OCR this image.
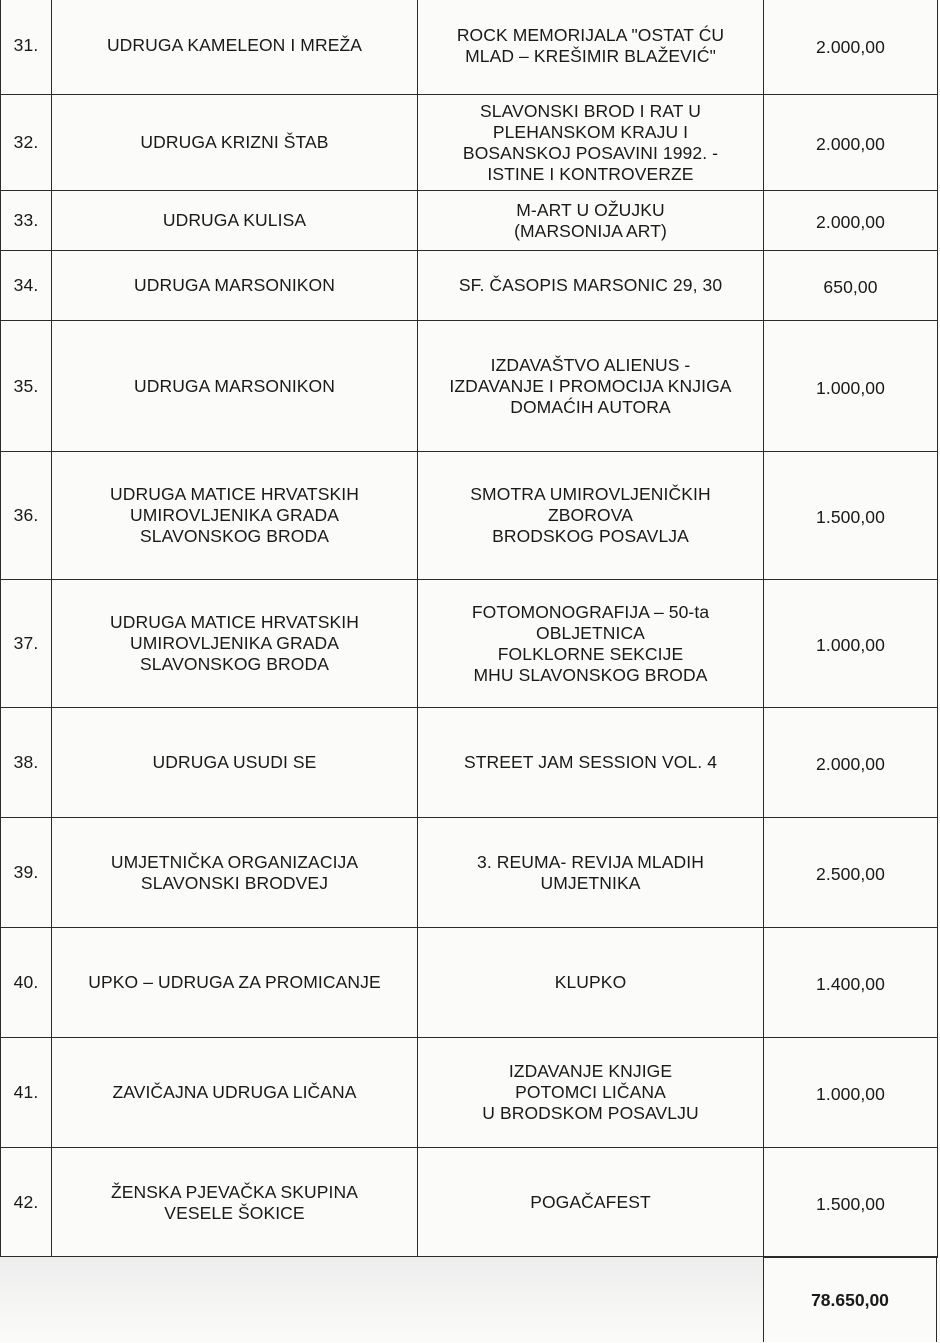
31.	UDRUGA KAMELEON I MREŽA	ROCK MEMORIJALA "OSTAT ĆU
MLAD – KREŠIMIR BLAŽEVIĆ"	2.000,00
32.	UDRUGA KRIZNI ŠTAB	SLAVONSKI BROD I RAT U
PLEHANSKOM KRAJU I
BOSANSKOJ POSAVINI 1992. -
ISTINE I KONTROVERZE	2.000,00
33.	UDRUGA KULISA	M-ART U OŽUJKU
(MARSONIJA ART)	2.000,00
34.	UDRUGA MARSONIKON	SF. ČASOPIS MARSONIC 29, 30	650,00
35.	UDRUGA MARSONIKON	IZDAVAŠTVO ALIENUS -
IZDAVANJE I PROMOCIJA KNJIGA
DOMAĆIH AUTORA	1.000,00
36.	UDRUGA MATICE HRVATSKIH
UMIROVLJENIKA GRADA
SLAVONSKOG BRODA	SMOTRA UMIROVLJENIČKIH
ZBOROVA
BRODSKOG POSAVLJA	1.500,00
37.	UDRUGA MATICE HRVATSKIH
UMIROVLJENIKA GRADA
SLAVONSKOG BRODA	FOTOMONOGRAFIJA – 50-ta
OBLJETNICA
FOLKLORNE SEKCIJE
MHU SLAVONSKOG BRODA	1.000,00
38.	UDRUGA USUDI SE	STREET JAM SESSION VOL. 4	2.000,00
39.	UMJETNIČKA ORGANIZACIJA
SLAVONSKI BRODVEJ	3. REUMA- REVIJA MLADIH
UMJETNIKA	2.500,00
40.	UPKO – UDRUGA ZA PROMICANJE	KLUPKO	1.400,00
41.	ZAVIČAJNA UDRUGA LIČANA	IZDAVANJE KNJIGE
POTOMCI LIČANA
U BRODSKOM POSAVLJU	1.000,00
42.	ŽENSKA PJEVAČKA SKUPINA
VESELE ŠOKICE	POGAČAFEST	1.500,00
78.650,00
